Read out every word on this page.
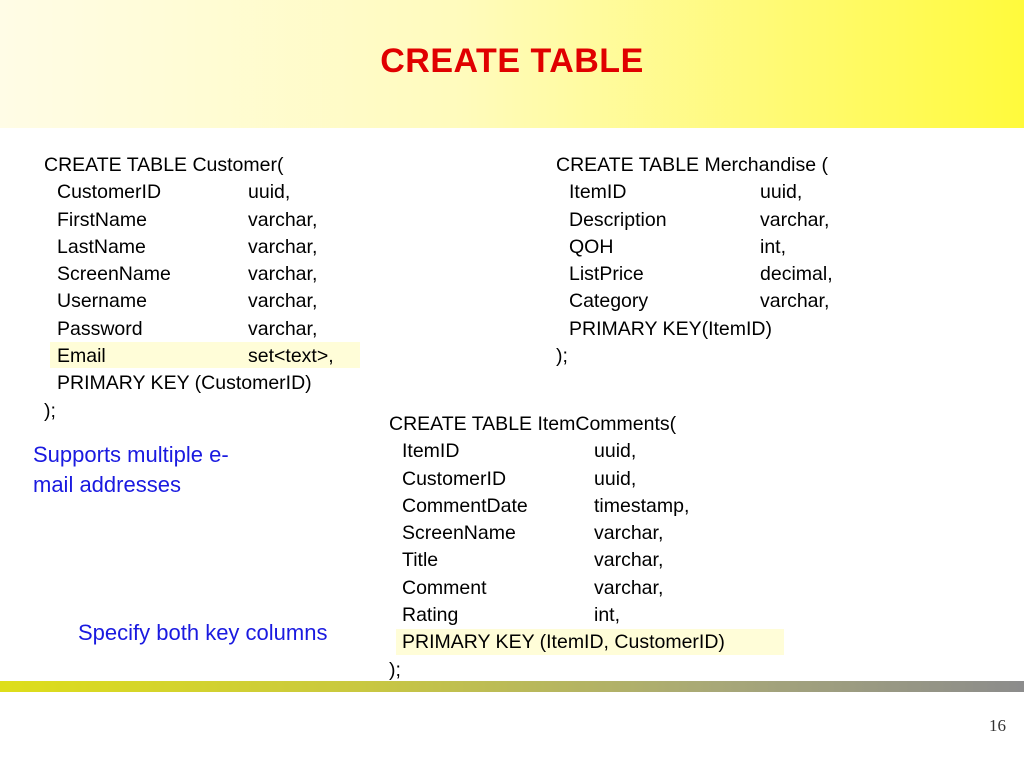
CREATE TABLE
CREATE TABLE Customer(
CustomerID	uuid,
FirstName	varchar,
LastName	varchar,
ScreenName	varchar,
Username	varchar,
Password	varchar,
Email	set<text>,
PRIMARY KEY (CustomerID)
);
CREATE TABLE Merchandise (
ItemID	uuid,
Description	varchar,
QOH	int,
ListPrice	decimal,
Category	varchar,
PRIMARY KEY(ItemID)
);
CREATE TABLE ItemComments(
ItemID	uuid,
CustomerID	uuid,
CommentDate	timestamp,
ScreenName	varchar,
Title	varchar,
Comment	varchar,
Rating	int,
PRIMARY KEY (ItemID, CustomerID)
);
Supports multiple e-
mail addresses
Specify both key columns
16
